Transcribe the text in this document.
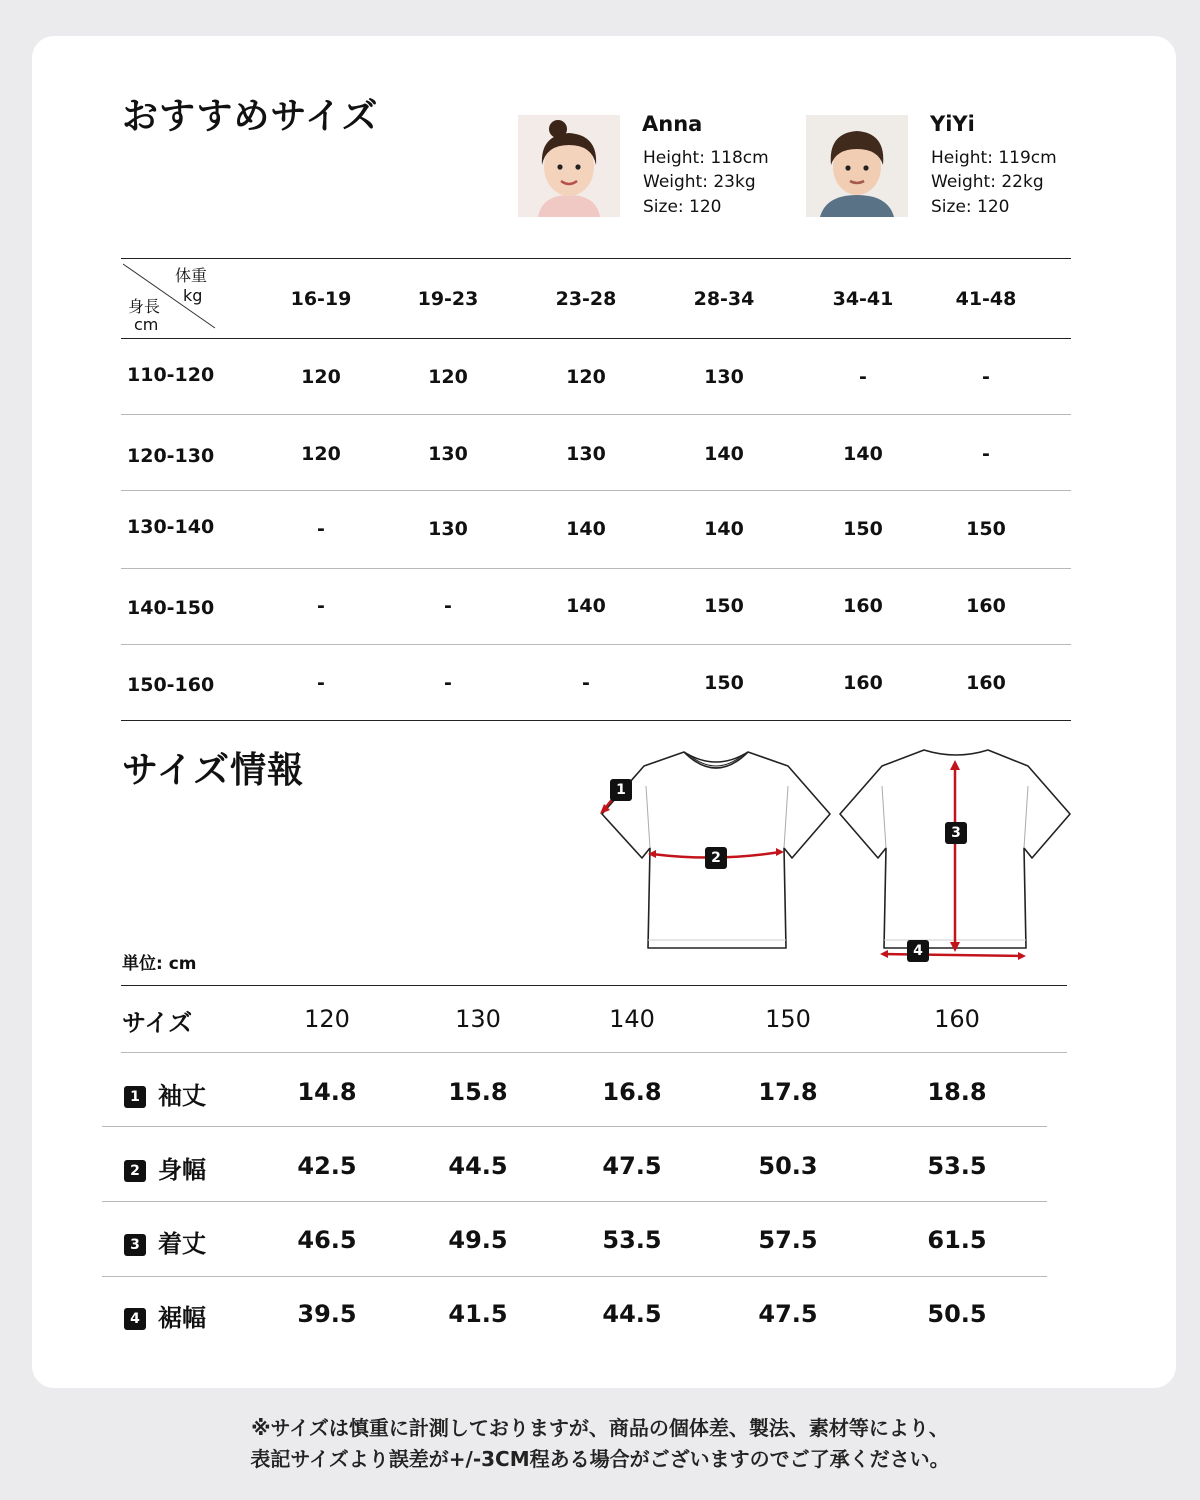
おすすめサイズ	Anna
Height: 118cm
Weight: 23kg
Size: 120
YiYi
Height: 119cm
Weight: 22kg
Size: 120
体重
kg
身長
cm
16-19	19-23	23-28	28-34	34-41	41-48
110-120	120	120	120	130	-	-
120-130	120	130	130	140	140	-
130-140	-	130	140	140	150	150
140-150	-	-	140	150	160	160
150-160	-	-	-	150	160	160
サイズ情報
単位: cm
1
2
3
4
サイズ	120	130	140	150	160
1 袖丈	14.8	15.8	16.8	17.8	18.8
2 身幅	42.5	44.5	47.5	50.3	53.5
3 着丈	46.5	49.5	53.5	57.5	61.5
4 裾幅	39.5	41.5	44.5	47.5	50.5
※サイズは慎重に計測しておりますが、商品の個体差、製法、素材等により、
表記サイズより誤差が+/-3CM程ある場合がございますのでご了承ください。
